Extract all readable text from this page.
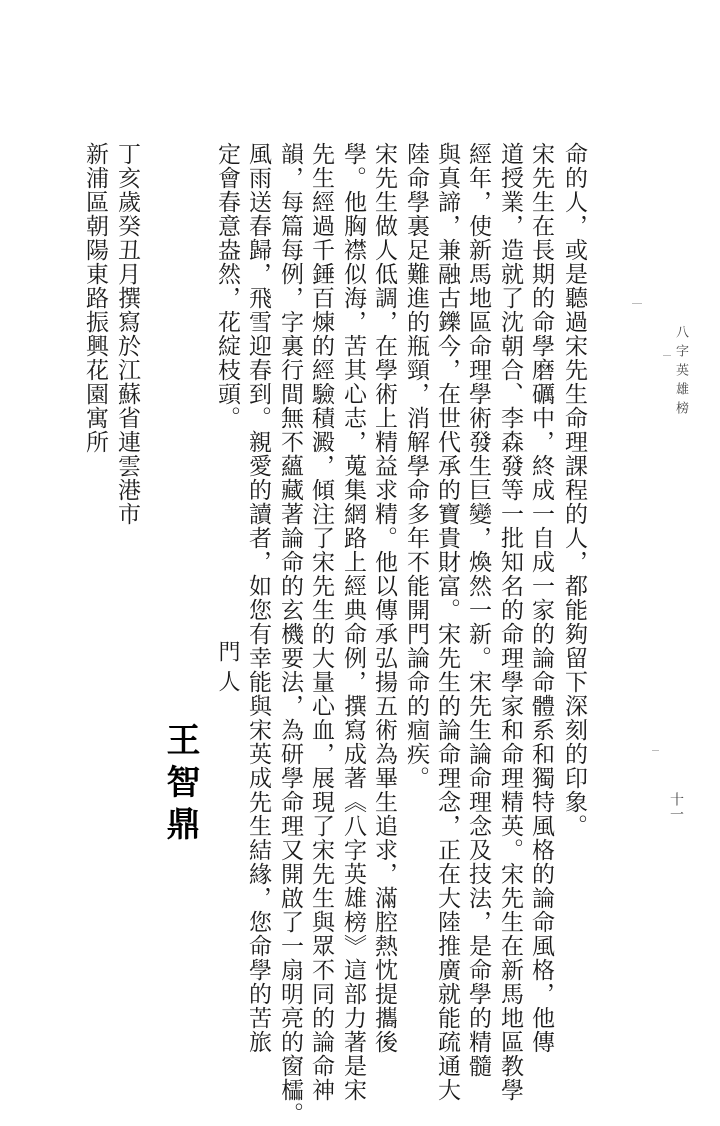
八字英雄榜
十一
命的人，或是聽過宋先生命理課程的人，都能夠留下深刻的印象。
宋先生在長期的命學磨礪中，終成一自成一家的論命體系和獨特風格的論命風格，他傳
道授業，造就了沈朝合、李森發等一批知名的命理學家和命理精英。宋先生在新馬地區教學
經年，使新馬地區命理學術發生巨變，煥然一新。宋先生論命理念及技法，是命學的精髓
與真諦，兼融古鑠今，在世代承的寶貴財富。宋先生的論命理念，正在大陸推廣就能疏通大
陸命學裏足難進的瓶頸，消解學命多年不能開門論命的痼疾。
宋先生做人低調，在學術上精益求精。他以傳承弘揚五術為畢生追求，滿腔熱忱提攜後
學。他胸襟似海，苦其心志，蒐集網路上經典命例，撰寫成著《八字英雄榜》這部力著是宋
先生經過千錘百煉的經驗積澱，傾注了宋先生的大量心血，展現了宋先生與眾不同的論命神
韻，每篇每例，字裏行間無不蘊藏著論命的玄機要法，為研學命理又開啟了一扇明亮的窗櫺。
風雨送春歸，飛雪迎春到。親愛的讀者，如您有幸能與宋英成先生結緣，您命學的苦旅
定會春意盎然，花綻枝頭。
門人
王智鼎
丁亥歲癸丑月撰寫於江蘇省連雲港市
新浦區朝陽東路振興花園寓所
